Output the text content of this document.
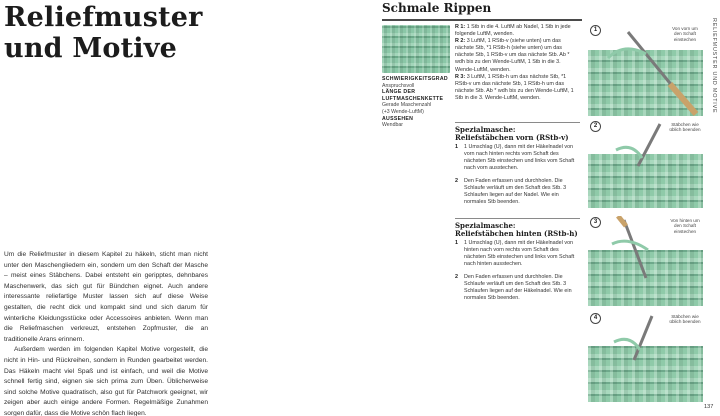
Reliefmuster
und Motive

Um die Reliefmuster in diesem Kapitel zu häkeln, sticht man nicht unter den Maschengliedern ein, sondern um den Schaft der Masche – meist eines Stäbchens. Dabei entsteht ein geripptes, dehnbares Maschenwerk, das sich gut für Bündchen eignet. Auch andere interessante reliefartige Muster lassen sich auf diese Weise gestalten, die recht dick und kompakt sind und sich darum für winterliche Kleidungsstücke oder Accessoires anbieten. Wenn man die Reliefmaschen verkreuzt, entstehen Zopfmuster, die an traditionelle Arans erinnern.

Außerdem werden im folgenden Kapitel Motive vorgestellt, die nicht in Hin- und Rückreihen, sondern in Runden gearbeitet werden. Das Häkeln macht viel Spaß und ist einfach, und weil die Motive schnell fertig sind, eignen sie sich prima zum Üben. Üblicherweise sind solche Motive quadratisch, also gut für Patchwork geeignet, wir zeigen aber auch einige andere Formen. Regelmäßige Zunahmen sorgen dafür, dass die Motive schön flach liegen.

Schmale Rippen
SCHWIERIGKEITSGRAD
Anspruchsvoll
LÄNGE DER
LUFTMASCHENKETTE
Gerade Maschenzahl
(+3 Wende-LuftM)
AUSSEHEN
Wendbar
R 1: 1 Stb in die 4. LuftM ab Nadel, 1 Stb in jede folgende LuftM, wenden.
R 2: 3 LuftM, 1 RStb-v (siehe unten) um das nächste Stb, *1 RStb-h (siehe unten) um das nächste Stb, 1 RStb-v um das nächste Stb. Ab * wdh bis zu den Wende-LuftM, 1 Stb in die 3. Wende-LuftM, wenden.
R 3: 3 LuftM, 1 RStb-h um das nächste Stb, *1 RStb-v um das nächste Stb, 1 RStb-h um das nächste Stb. Ab * wdh bis zu den Wende-LuftM, 1 Stb in die 3. Wende-LuftM, wenden.
Spezialmasche:
Reliefstäbchen vorn (RStb-v)
1 1 Umschlag (U), dann mit der Häkelnadel von vorn nach hinten rechts vom Schaft des nächsten Stb einstechen und links vom Schaft nach vorn ausstechen.
2 Den Faden erfassen und durchholen. Die Schlaufe verläuft um den Schaft des Stb. 3 Schlaufen liegen auf der Nadel. Wie ein normales Stb beenden.
Spezialmasche:
Reliefstäbchen hinten (RStb-h)
1 1 Umschlag (U), dann mit der Häkelnadel von hinten nach vorn rechts vom Schaft des nächsten Stb einstechen und links vom Schaft nach hinten ausstechen.
2 Den Faden erfassen und durchholen. Die Schlaufe verläuft um den Schaft des Stb. 3 Schlaufen liegen auf der Häkelnadel. Wie ein normales Stb beenden.
1	Von vorn um den Schaft einstechen
2	Stäbchen wie üblich beenden
3	Von hinten um den Schaft einstechen
4	Stäbchen wie üblich beenden
RELIEFMUSTER UND MOTIVE
137
